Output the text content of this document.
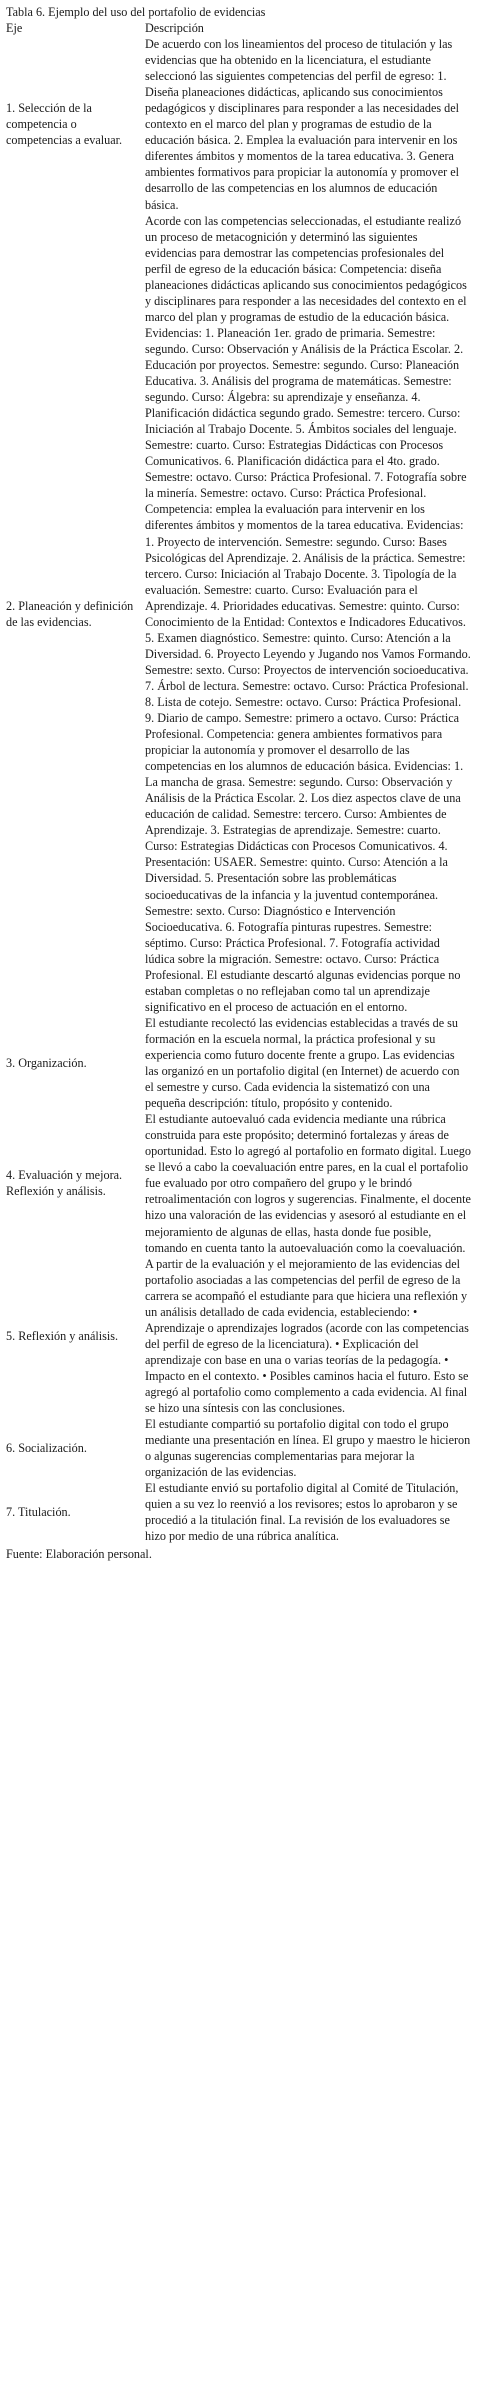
Tabla 6. Ejemplo del uso del portafolio de evidencias

Eje	Descripción
1. Selección de la competencia o competencias a evaluar.	De acuerdo con los lineamientos del proceso de titulación y las evidencias que ha obtenido en la licenciatura, el estudiante seleccionó las siguientes competencias del perfil de egreso: 1. Diseña planeaciones didácticas, aplicando sus conocimientos pedagógicos y disciplinares para responder a las necesidades del contexto en el marco del plan y programas de estudio de la educación básica. 2. Emplea la evaluación para intervenir en los diferentes ámbitos y momentos de la tarea educativa. 3. Genera ambientes formativos para propiciar la autonomía y promover el desarrollo de las competencias en los alumnos de educación básica.
2. Planeación y definición de las evidencias.	Acorde con las competencias seleccionadas, el estudiante realizó un proceso de metacognición y determinó las siguientes evidencias para demostrar las competencias profesionales del perfil de egreso de la educación básica: Competencia: diseña planeaciones didácticas aplicando sus conocimientos pedagógicos y disciplinares para responder a las necesidades del contexto en el marco del plan y programas de estudio de la educación básica. Evidencias: 1. Planeación 1er. grado de primaria. Semestre: segundo. Curso: Observación y Análisis de la Práctica Escolar. 2. Educación por proyectos. Semestre: segundo. Curso: Planeación Educativa. 3. Análisis del programa de matemáticas. Semestre: segundo. Curso: Álgebra: su aprendizaje y enseñanza. 4. Planificación didáctica segundo grado. Semestre: tercero. Curso: Iniciación al Trabajo Docente. 5. Ámbitos sociales del lenguaje. Semestre: cuarto. Curso: Estrategias Didácticas con Procesos Comunicativos. 6. Planificación didáctica para el 4to. grado. Semestre: octavo. Curso: Práctica Profesional. 7. Fotografía sobre la minería. Semestre: octavo. Curso: Práctica Profesional. Competencia: emplea la evaluación para intervenir en los diferentes ámbitos y momentos de la tarea educativa. Evidencias: 1. Proyecto de intervención. Semestre: segundo. Curso: Bases Psicológicas del Aprendizaje. 2. Análisis de la práctica. Semestre: tercero. Curso: Iniciación al Trabajo Docente. 3. Tipología de la evaluación. Semestre: cuarto. Curso: Evaluación para el Aprendizaje. 4. Prioridades educativas. Semestre: quinto. Curso: Conocimiento de la Entidad: Contextos e Indicadores Educativos. 5. Examen diagnóstico. Semestre: quinto. Curso: Atención a la Diversidad. 6. Proyecto Leyendo y Jugando nos Vamos Formando. Semestre: sexto. Curso: Proyectos de intervención socioeducativa. 7. Árbol de lectura. Semestre: octavo. Curso: Práctica Profesional. 8. Lista de cotejo. Semestre: octavo. Curso: Práctica Profesional. 9. Diario de campo. Semestre: primero a octavo. Curso: Práctica Profesional. Competencia: genera ambientes formativos para propiciar la autonomía y promover el desarrollo de las competencias en los alumnos de educación básica. Evidencias: 1. La mancha de grasa. Semestre: segundo. Curso: Observación y Análisis de la Práctica Escolar. 2. Los diez aspectos clave de una educación de calidad. Semestre: tercero. Curso: Ambientes de Aprendizaje. 3. Estrategias de aprendizaje. Semestre: cuarto. Curso: Estrategias Didácticas con Procesos Comunicativos. 4. Presentación: USAER. Semestre: quinto. Curso: Atención a la Diversidad. 5. Presentación sobre las problemáticas socioeducativas de la infancia y la juventud contemporánea. Semestre: sexto. Curso: Diagnóstico e Intervención Socioeducativa. 6. Fotografía pinturas rupestres. Semestre: séptimo. Curso: Práctica Profesional. 7. Fotografía actividad lúdica sobre la migración. Semestre: octavo. Curso: Práctica Profesional. El estudiante descartó algunas evidencias porque no estaban completas o no reflejaban como tal un aprendizaje significativo en el proceso de actuación en el entorno.
3. Organización.	El estudiante recolectó las evidencias establecidas a través de su formación en la escuela normal, la práctica profesional y su experiencia como futuro docente frente a grupo. Las evidencias las organizó en un portafolio digital (en Internet) de acuerdo con el semestre y curso. Cada evidencia la sistematizó con una pequeña descripción: título, propósito y contenido.
4. Evaluación y mejora. Reflexión y análisis.	El estudiante autoevaluó cada evidencia mediante una rúbrica construida para este propósito; determinó fortalezas y áreas de oportunidad. Esto lo agregó al portafolio en formato digital. Luego se llevó a cabo la coevaluación entre pares, en la cual el portafolio fue evaluado por otro compañero del grupo y le brindó retroalimentación con logros y sugerencias. Finalmente, el docente hizo una valoración de las evidencias y asesoró al estudiante en el mejoramiento de algunas de ellas, hasta donde fue posible, tomando en cuenta tanto la autoevaluación como la coevaluación.
5. Reflexión y análisis.	A partir de la evaluación y el mejoramiento de las evidencias del portafolio asociadas a las competencias del perfil de egreso de la carrera se acompañó el estudiante para que hiciera una reflexión y un análisis detallado de cada evidencia, estableciendo: • Aprendizaje o aprendizajes logrados (acorde con las competencias del perfil de egreso de la licenciatura). • Explicación del aprendizaje con base en una o varias teorías de la pedagogía. • Impacto en el contexto. • Posibles caminos hacia el futuro. Esto se agregó al portafolio como complemento a cada evidencia. Al final se hizo una síntesis con las conclusiones.
6. Socialización.	El estudiante compartió su portafolio digital con todo el grupo mediante una presentación en línea. El grupo y maestro le hicieron o algunas sugerencias complementarias para mejorar la organización de las evidencias.
7. Titulación.	El estudiante envió su portafolio digital al Comité de Titulación, quien a su vez lo reenvió a los revisores; estos lo aprobaron y se procedió a la titulación final. La revisión de los evaluadores se hizo por medio de una rúbrica analítica.
Fuente: Elaboración personal.
